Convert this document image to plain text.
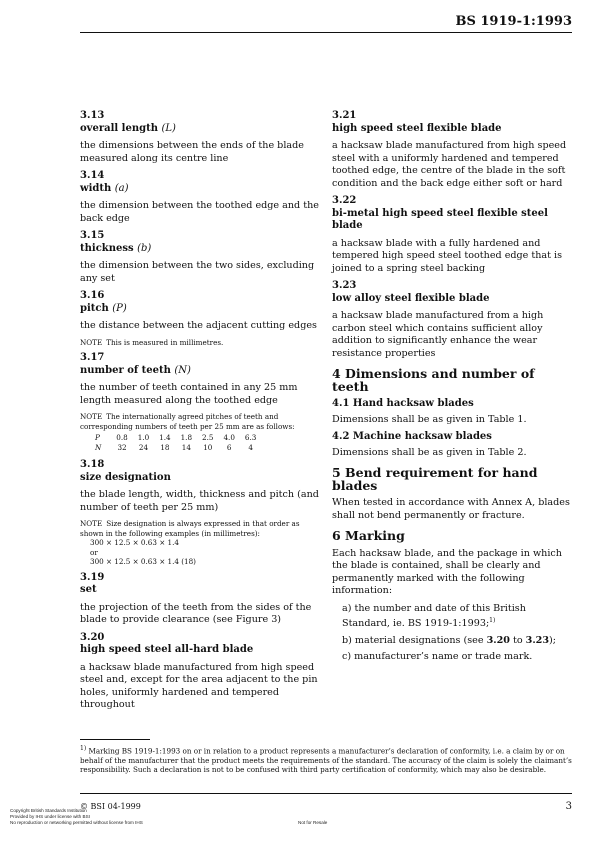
BS 1919-1:1993
3.13
overall length (L)

the dimensions between the ends of the blade measured along its centre line

3.14
width (a)

the dimension between the toothed edge and the back edge

3.15
thickness (b)

the dimension between the two sides, excluding any set

3.16
pitch (P)

the distance between the adjacent cutting edges

NOTE This is measured in millimetres.

3.17
number of teeth (N)

the number of teeth contained in any 25 mm length measured along the toothed edge

NOTE The internationally agreed pitches of teeth and corresponding numbers of teeth per 25 mm are as follows:

P	0.8	1.0	1.4	1.8	2.5	4.0	6.3
N	32	24	18	14	10	6	4
3.18
size designation

the blade length, width, thickness and pitch (and number of teeth per 25 mm)

NOTE Size designation is always expressed in that order as shown in the following examples (in millimetres):

300 × 12.5 × 0.63 × 1.4
or
300 × 12.5 × 0.63 × 1.4 (18)
3.19
set

the projection of the teeth from the sides of the blade to provide clearance (see Figure 3)

3.20
high speed steel all-hard blade

a hacksaw blade manufactured from high speed steel and, except for the area adjacent to the pin holes, uniformly hardened and tempered throughout

3.21
high speed steel flexible blade

a hacksaw blade manufactured from high speed steel with a uniformly hardened and tempered toothed edge, the centre of the blade in the soft condition and the back edge either soft or hard

3.22
bi-metal high speed steel flexible steel blade

a hacksaw blade with a fully hardened and tempered high speed steel toothed edge that is joined to a spring steel backing

3.23
low alloy steel flexible blade

a hacksaw blade manufactured from a high carbon steel which contains sufficient alloy addition to significantly enhance the wear resistance properties

4 Dimensions and number of teeth
4.1 Hand hacksaw blades

Dimensions shall be as given in Table 1.

4.2 Machine hacksaw blades

Dimensions shall be as given in Table 2.

5 Bend requirement for hand blades

When tested in accordance with Annex A, blades shall not bend permanently or fracture.

6 Marking

Each hacksaw blade, and the package in which the blade is contained, shall be clearly and permanently marked with the following information:

a) the number and date of this British Standard, ie. BS 1919-1:1993;$^{1)}$
b) material designations (see 3.20 to 3.23);
c) manufacturer’s name or trade mark.
$^{1)}$ Marking BS 1919-1:1993 on or in relation to a product represents a manufacturer’s declaration of conformity, i.e. a claim by or on behalf of the manufacturer that the product meets the requirements of the standard. The accuracy of the claim is solely the claimant’s responsibility. Such a declaration is not to be confused with third party certification of conformity, which may also be desirable.
© BSI 04-1999	3
Copyright British Standards Institution
Provided by IHS under license with BSI
No reproduction or networking permitted without license from IHS	Not for Resale
